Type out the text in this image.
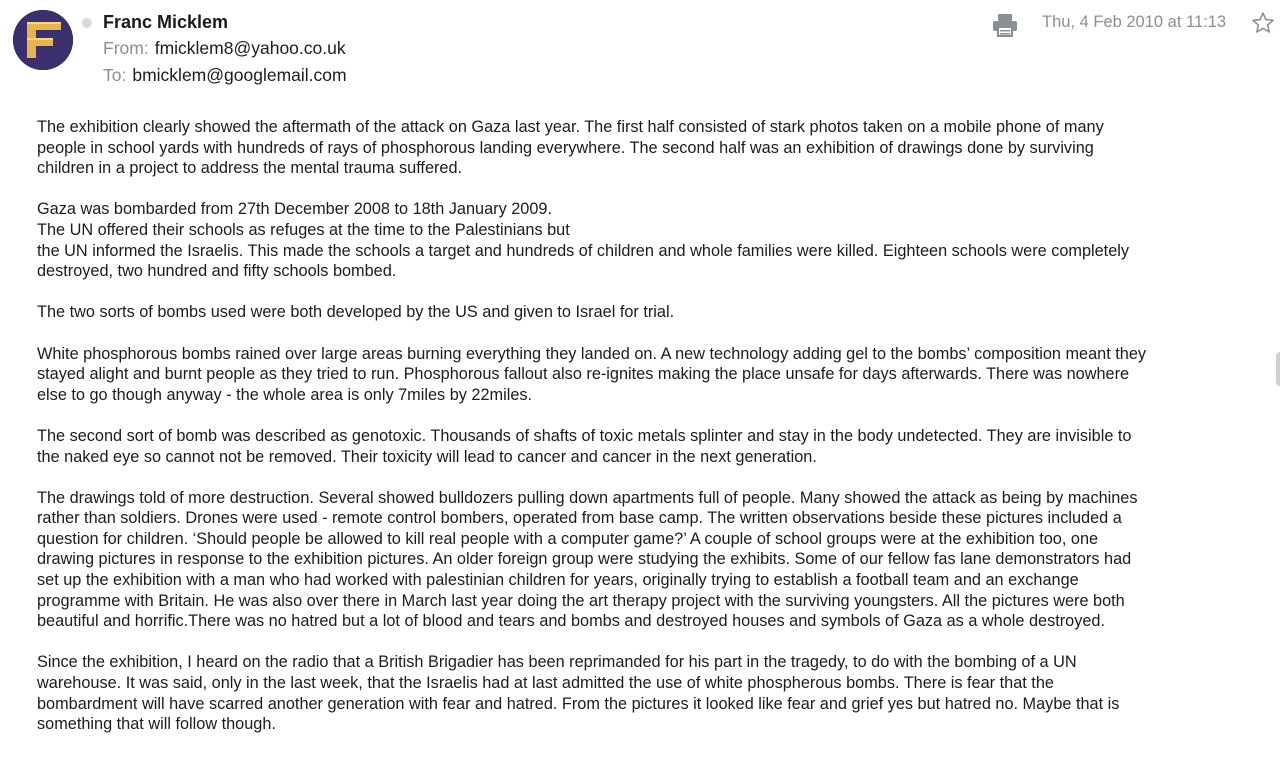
Franc Micklem
From: fmicklem8@yahoo.co.uk
To: bmicklem@googlemail.com
Thu, 4 Feb 2010 at 11:13
The exhibition clearly showed the aftermath of the attack on Gaza last year. The first half consisted of stark photos taken on a mobile phone of many
people in school yards with hundreds of rays of phosphorous landing everywhere. The second half was an exhibition of drawings done by surviving
children in a project to address the mental trauma suffered.
Gaza was bombarded from 27th December 2008 to 18th January 2009.
The UN offered their schools as refuges at the time to the Palestinians but
the UN informed the Israelis. This made the schools a target and hundreds of children and whole families were killed. Eighteen schools were completely
destroyed, two hundred and fifty schools bombed.
The two sorts of bombs used were both developed by the US and given to Israel for trial.
White phosphorous bombs rained over large areas burning everything they landed on. A new technology adding gel to the bombs’ composition meant they
stayed alight and burnt people as they tried to run. Phosphorous fallout also re-ignites making the place unsafe for days afterwards. There was nowhere
else to go though anyway - the whole area is only 7miles by 22miles.
The second sort of bomb was described as genotoxic. Thousands of shafts of toxic metals splinter and stay in the body undetected. They are invisible to
the naked eye so cannot not be removed. Their toxicity will lead to cancer and cancer in the next generation.
The drawings told of more destruction. Several showed bulldozers pulling down apartments full of people. Many showed the attack as being by machines
rather than soldiers. Drones were used - remote control bombers, operated from base camp. The written observations beside these pictures included a
question for children. ‘Should people be allowed to kill real people with a computer game?’ A couple of school groups were at the exhibition too, one
drawing pictures in response to the exhibition pictures. An older foreign group were studying the exhibits. Some of our fellow fas lane demonstrators had
set up the exhibition with a man who had worked with palestinian children for years, originally trying to establish a football team and an exchange
programme with Britain. He was also over there in March last year doing the art therapy project with the surviving youngsters. All the pictures were both
beautiful and horrific.There was no hatred but a lot of blood and tears and bombs and destroyed houses and symbols of Gaza as a whole destroyed.
Since the exhibition, I heard on the radio that a British Brigadier has been reprimanded for his part in the tragedy, to do with the bombing of a UN
warehouse. It was said, only in the last week, that the Israelis had at last admitted the use of white phospherous bombs. There is fear that the
bombardment will have scarred another generation with fear and hatred. From the pictures it looked like fear and grief yes but hatred no. Maybe that is
something that will follow though.
